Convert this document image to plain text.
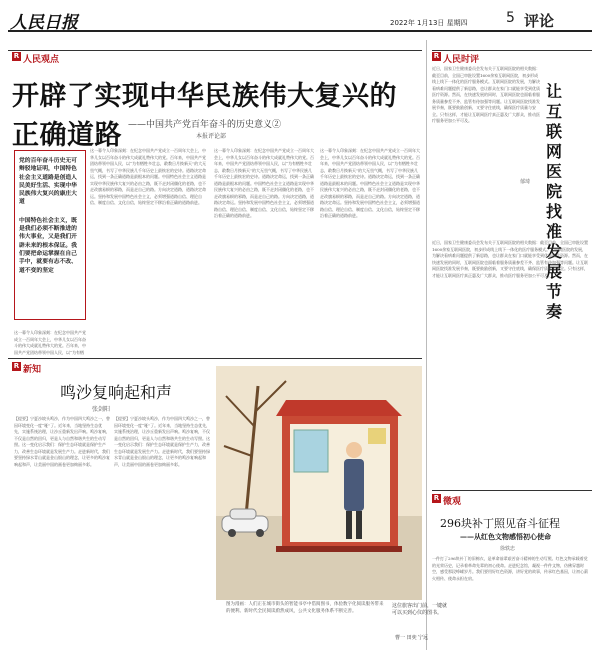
人民日报	2022年 1月13日 星期四	5 评论
R 人民观点	R 人民时评
R 新知
R 微观
开辟了实现中华民族伟大复兴的正确道路 ——中国共产党百年奋斗的历史意义②
本报评论部

党的百年奋斗历史无可辩驳地证明，中国特色社会主义道路是创造人民美好生活、实现中华民族伟大复兴的康庄大道

中国特色社会主义，既是我们必须不断推进的伟大事业，又是我们开辟未来的根本保证。我们要把命运掌握在自己手中，就要有志不改、道不变的坚定

这一幕令人印象深刻：在纪念中国共产党成立一百周年大会上，中华儿女以百年奋斗的伟大成就礼赞伟大的党。百年来，中国共产党团结带领中国人民，以“为有牺牲多壮志，敢教日月换新天”的大无畏气概，书写了中华民族几千年历史上最恢宏的史诗。道路决定命运，找到一条正确道路是最根本的问题。中国特色社会主义道路是实现中华民族伟大复兴的必由之路，既不走封闭僵化的老路，也不走改旗易帜的邪路，而是走自己的路。方向决定道路，道路决定命运。坚持和发展中国特色社会主义，必须增强道路自信、理论自信、制度自信、文化自信，始终坚定不移沿着正确的道路前进。
这一幕令人印象深刻：在纪念中国共产党成立一百周年大会上，中华儿女以百年奋斗的伟大成就礼赞伟大的党。百年来，中国共产党团结带领中国人民，以“为有牺牲多壮志，敢教日月换新天”的大无畏气概，书写了中华民族几千年历史上最恢宏的史诗。道路决定命运，找到一条正确道路是最根本的问题。中国特色社会主义道路是实现中华民族伟大复兴的必由之路，既不走封闭僵化的老路，也不走改旗易帜的邪路，而是走自己的路。方向决定道路，道路决定命运。坚持和发展中国特色社会主义，必须增强道路自信、理论自信、制度自信、文化自信，始终坚定不移沿着正确的道路前进。
这一幕令人印象深刻：在纪念中国共产党成立一百周年大会上，中华儿女以百年奋斗的伟大成就礼赞伟大的党。百年来，中国共产党团结带领中国人民，以“为有牺牲多壮志，敢教日月换新天”的大无畏气概，书写了中华民族几千年历史上最恢宏的史诗。道路决定命运，找到一条正确道路是最根本的问题。中国特色社会主义道路是实现中华民族伟大复兴的必由之路，既不走封闭僵化的老路，也不走改旗易帜的邪路，而是走自己的路。方向决定道路，道路决定命运。坚持和发展中国特色社会主义，必须增强道路自信、理论自信、制度自信、文化自信，始终坚定不移沿着正确的道路前进。
这一幕令人印象深刻：在纪念中国共产党成立一百周年大会上，中华儿女以百年奋斗的伟大成就礼赞伟大的党。百年来，中国共产党团结带领中国人民，以“为有牺
近日，国家卫生健康委员会发布关于互联网医院的相关数据：截至目前，全国已审批设置1600余家互联网医院，初步形成线上线下一体化的医疗服务模式。互联网医院的发展，为解决看病难问题提供了新思路，也让群众在家门口就能享受到优质医疗资源。然而，在快速发展的同时，互联网医院也面临着服务质量参差不齐、监管有待加强等问题。让互联网医院找准发展节奏，既要鼓励创新，又要守住底线，确保医疗质量与安全。只有这样，才能让互联网医疗真正惠及广大群众，推动医疗服务更加公平可及。
让互联网医院找准发展节奏
郁琦
近日，国家卫生健康委员会发布关于互联网医院的相关数据：截至目前，全国已审批设置1600余家互联网医院，初步形成线上线下一体化的医疗服务模式。互联网医院的发展，为解决看病难问题提供了新思路，也让群众在家门口就能享受到优质医疗资源。然而，在快速发展的同时，互联网医院也面临着服务质量参差不齐、监管有待加强等问题。让互联网医院找准发展节奏，既要鼓励创新，又要守住底线，确保医疗质量与安全。只有这样，才能让互联网医疗真正惠及广大群众，推动医疗服务更加公平可及。
鸣沙复响起和声
张剑阳
【提要】宁夏沙坡头鸣沙，作为中国四大鸣沙之一，曾因环境变化一度“哑”了。近年来，当地坚持生态优先，实施系统治理，让沙丘重新发出声响。鸣沙复响，不仅是自然的回归，更是人与自然和谐共生的生动写照。这一变化启示我们：保护生态环境就是保护生产力，改善生态环境就是发展生产力。走进新时代，我们要坚持绿水青山就是金山银山的理念，让更多的鸣沙复响起和声，让美丽中国的画卷更加绚丽多彩。
【提要】宁夏沙坡头鸣沙，作为中国四大鸣沙之一，曾因环境变化一度“哑”了。近年来，当地坚持生态优先，实施系统治理，让沙丘重新发出声响。鸣沙复响，不仅是自然的回归，更是人与自然和谐共生的生动写照。这一变化启示我们：保护生态环境就是保护生产力，改善生态环境就是发展生产力。走进新时代，我们要坚持绿水青山就是金山银山的理念，让更多的鸣沙复响起和声，让美丽中国的画卷更加绚丽多彩。
图为漫画：人们正在城市街头的智能书亭中借阅图书，体验数字化阅读服务带来的便利。新时代全民阅读蔚然成风，公共文化服务体系不断完善。
这位旅客出门前，一键就可以买到心仪的图书。
曹一 田奕 宁远
296块补丁照见奋斗征程
——从红色文物感悟初心使命
徐轶忠
一件打了296块补丁的旧棉衣，是革命前辈艰苦奋斗精神的生动写照。红色文物承载着党的光荣历史，记录着革命先辈的初心使命。走进纪念馆，凝视一件件文物，仿佛穿越时空，感受那段峥嵘岁月。我们要用好红色资源，讲好党的故事，传承红色基因，让初心薪火相传、使命永担在肩。
